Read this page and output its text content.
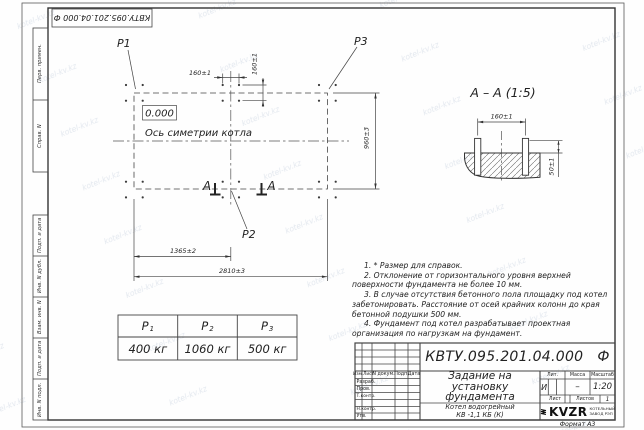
P1	P3
P2
А	А
0.000
Ось симетрии котла
160±1	160±1
960±3
1365±2
2810±3
А – А (1:5)
160±1
50±1
КВТУ.095.201.04.000 Ф
Перв. примен.
Справ. N
Подп. и дата
Инв. N дубл.
Взам. инв. N
Подп. и дата
Инв. N подл.
P 1	P 2	P 3
400 кг	1060 кг	500 кг

1. * Размер для справок.

2. Отклонение от горизонтального уровня верхней поверхности фундамента не более 10 мм.

3. В случае отсутствия бетонного пола площадку под котел забетонировать. Расстояние от осей крайних колонн до края бетонной подушки 500 мм.

4. Фундамент под котел разрабатывает проектная организация по нагрузкам на фундамент.

КВТУ.095.201.04.000 Ф
Задание на установку фундамента
Котел водогрейный
КВ -1,1 КБ (К)
Изм.Лист
N докум. Подп. Дата
Разраб.
Пров.
Т.контр.
Н.контр.
Утв.
Лит.	Масса	Масштаб
И	–	1:20
Лист	Листов	1
KVZR КОТЕЛЬНЫЙ
ЗАВОД РЭП
Формат А3
